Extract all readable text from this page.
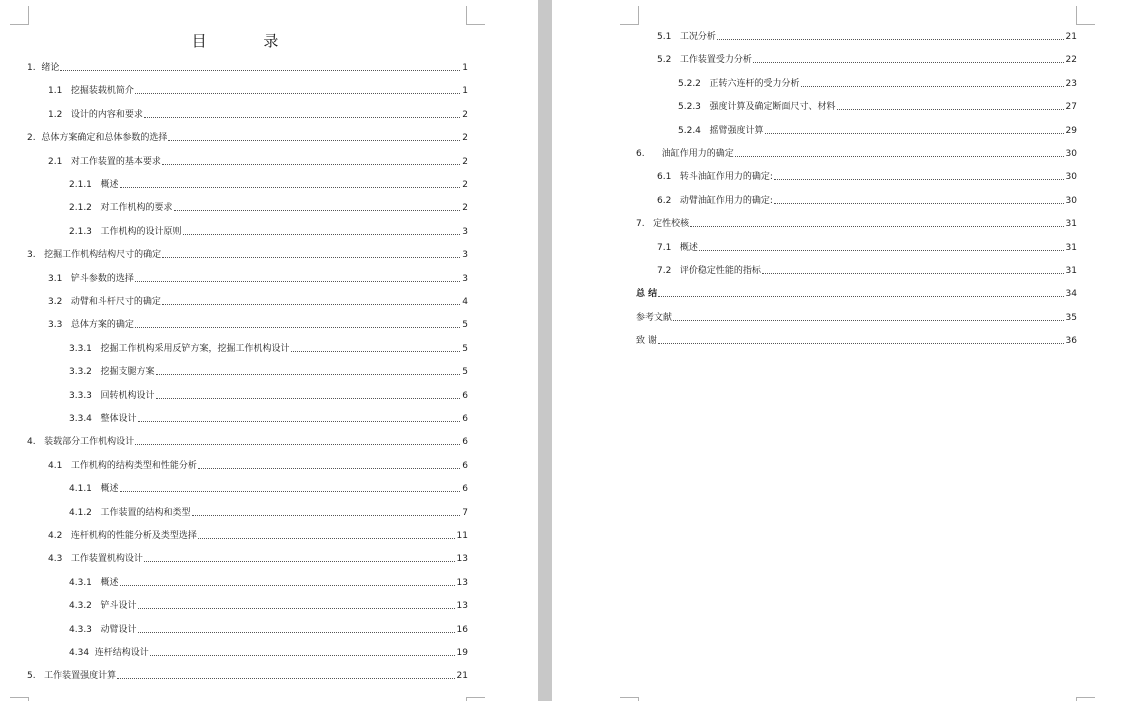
目 录
1. 绪论	1
1.1 挖掘装载机简介	1
1.2 设计的内容和要求	2
2. 总体方案确定和总体参数的选择	2
2.1 对工作装置的基本要求	2
2.1.1 概述	2
2.1.2 对工作机构的要求	2
2.1.3 工作机构的设计原则	3
3. 挖掘工作机构结构尺寸的确定	3
3.1 铲斗参数的选择	3
3.2 动臂和斗杆尺寸的确定	4
3.3 总体方案的确定	5
3.3.1 挖掘工作机构采用反铲方案，挖掘工作机构设计	5
3.3.2 挖掘支腿方案	5
3.3.3 回转机构设计	6
3.3.4 整体设计	6
4. 装载部分工作机构设计	6
4.1 工作机构的结构类型和性能分析	6
4.1.1 概述	6
4.1.2 工作装置的结构和类型	7
4.2 连杆机构的性能分析及类型选择	11
4.3 工作装置机构设计	13
4.3.1 概述	13
4.3.2 铲斗设计	13
4.3.3 动臂设计	16
4.34 连杆结构设计	19
5. 工作装置强度计算	21
5.1 工况分析	21
5.2 工作装置受力分析	22
5.2.2 正转六连杆的受力分析	23
5.2.3 强度计算及确定断面尺寸、材料	27
5.2.4 摇臂强度计算	29
6. 油缸作用力的确定	30
6.1 转斗油缸作用力的确定:	30
6.2 动臂油缸作用力的确定:	30
7. 定性校核	31
7.1 概述	31
7.2 评价稳定性能的指标	31
总 结	34
参考文献	35
致 谢	36
